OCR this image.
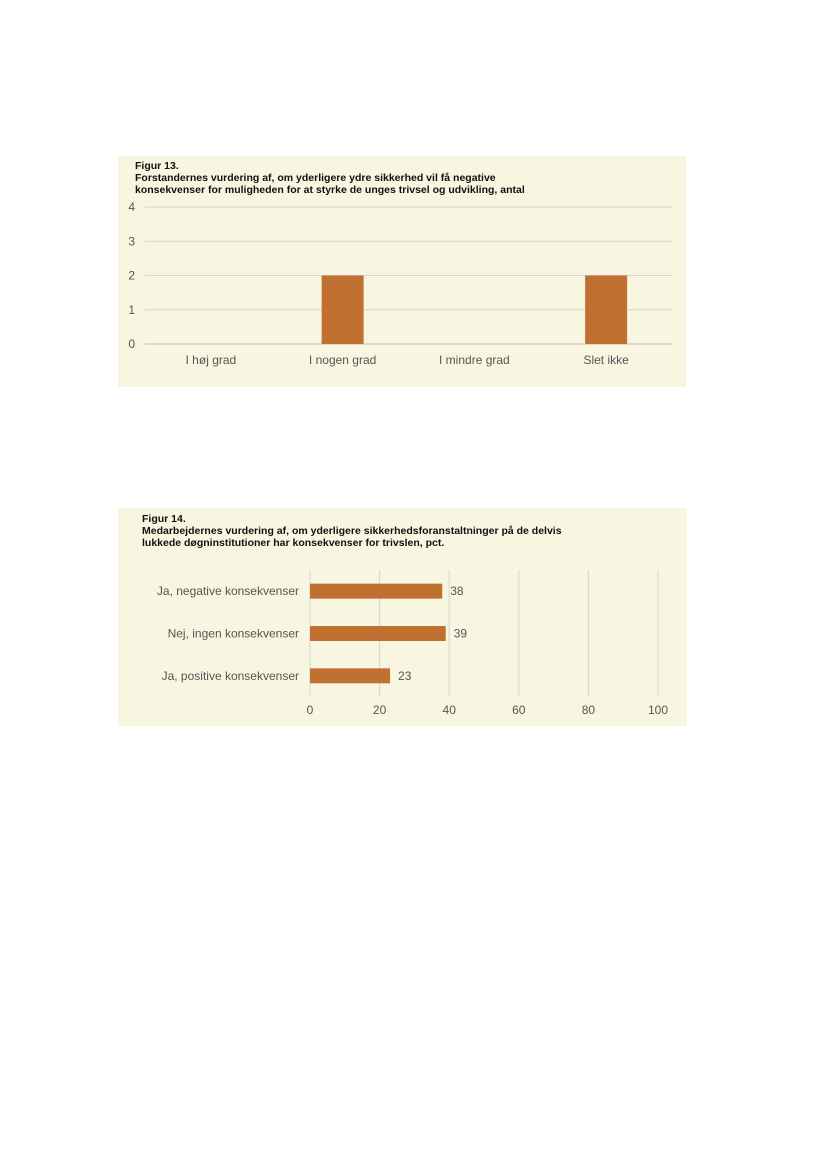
Figur 13.
Forstandernes vurdering af, om yderligere ydre sikkerhed vil få negative
konsekvenser for muligheden for at styrke de unges trivsel og udvikling, antal
0
1
2
3
4
I høj grad	I nogen grad	I mindre grad	Slet ikke
Figur 14.
Medarbejdernes vurdering af, om yderligere sikkerhedsforanstaltninger på de delvis
lukkede døgninstitutioner har konsekvenser for trivslen, pct.
0	20	40	60	80	100
Ja, negative konsekvenser	38
Nej, ingen konsekvenser	39
Ja, positive konsekvenser	23
